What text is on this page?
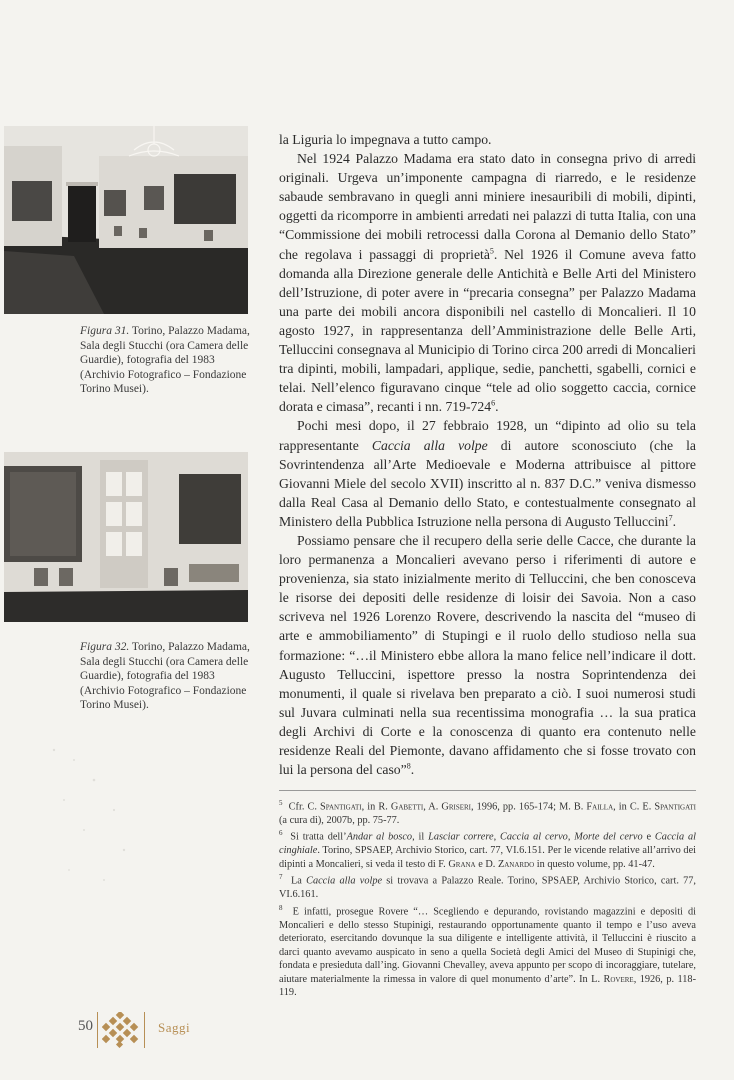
Figura 31. Torino, Palazzo Madama, Sala degli Stucchi (ora Camera delle Guardie), fotografia del 1983 (Archivio Fotografico – Fondazione Torino Musei).
Figura 32. Torino, Palazzo Madama, Sala degli Stucchi (ora Camera delle Guardie), fotografia del 1983 (Archivio Fotografico – Fondazione Torino Musei).

la Liguria lo impegnava a tutto campo.

Nel 1924 Palazzo Madama era stato dato in consegna privo di arredi originali. Urgeva un’imponente campagna di riarredo, e le residenze sabaude sembravano in quegli anni miniere inesauribili di mobili, dipinti, oggetti da ricomporre in ambienti arredati nei palazzi di tutta Italia, con una “Commissione dei mobili retrocessi dalla Corona al Demanio dello Stato” che regolava i passaggi di proprietà$^5$. Nel 1926 il Comune aveva fatto domanda alla Direzione generale delle Antichità e Belle Arti del Ministero dell’Istruzione, di poter avere in “precaria consegna” per Palazzo Madama una parte dei mobili ancora disponibili nel castello di Moncalieri. Il 10 agosto 1927, in rappresentanza dell’Amministrazione delle Belle Arti, Telluccini consegnava al Municipio di Torino circa 200 arredi di Moncalieri tra dipinti, mobili, lampadari, applique, sedie, panchetti, sgabelli, cornici e telai. Nell’elenco figuravano cinque “tele ad olio soggetto caccia, cornice dorata e cimasa”, recanti i nn. $719-724^6$.

Pochi mesi dopo, il 27 febbraio 1928, un “dipinto ad olio su tela rappresentante Caccia alla volpe di autore sconosciuto (che la Sovrintendenza all’Arte Medioevale e Moderna attribuisce al pittore Giovanni Miele del secolo XVII) inscritto al n. 837 D.C.” veniva dismesso dalla Real Casa al Demanio dello Stato, e contestualmente consegnato al Ministero della Pubblica Istruzione nella persona di Augusto Telluccini$^7$.

Possiamo pensare che il recupero della serie delle Cacce, che durante la loro permanenza a Moncalieri avevano perso i riferimenti di autore e provenienza, sia stato inizialmente merito di Telluccini, che ben conosceva le risorse dei depositi delle residenze di loisir dei Savoia. Non a caso scriveva nel 1926 Lorenzo Rovere, descrivendo la nascita del “museo di arte e ammobiliamento” di Stupingi e il ruolo dello studioso nella sua formazione: “…il Ministero ebbe allora la mano felice nell’indicare il dott. Augusto Telluccini, ispettore presso la nostra Soprintendenza dei monumenti, il quale si rivelava ben preparato a ciò. I suoi numerosi studi sul Juvara culminati nella sua recentissima monografia … la sua pratica degli Archivi di Corte e la conoscenza di quanto era contenuto nelle residenze Reali del Piemonte, davano affidamento che si fosse trovato con lui la persona del caso”$^8$.

$^5$ Cfr. C. Spantigati, in R. Gabetti, A. Griseri, 1996, pp. 165-174; M. B. Failla, in C. E. Spantigati (a cura di), 2007b, pp. 75-77.

$^6$ Si tratta dell’Andar al bosco, il Lasciar correre, Caccia al cervo, Morte del cervo e Caccia al cinghiale. Torino, SPSAEP, Archivio Storico, cart. 77, VI.6.151. Per le vicende relative all’arrivo dei dipinti a Moncalieri, si veda il testo di F. Grana e D. Zanardo in questo volume, pp. 41-47.

$^7$ La Caccia alla volpe si trovava a Palazzo Reale. Torino, SPSAEP, Archivio Storico, cart. 77, VI.6.161.

$^8$ E infatti, prosegue Rovere “… Scegliendo e depurando, rovistando magazzini e depositi di Moncalieri e dello stesso Stupinigi, restaurando opportunamente quanto il tempo e l’uso aveva deteriorato, esercitando dovunque la sua diligente e intelligente attività, il Telluccini è riuscito a darci quanto avevamo auspicato in seno a quella Società degli Amici del Museo di Stupinigi che, fondata e presieduta dall’ing. Giovanni Chevalley, aveva appunto per scopo di incoraggiare, tutelare, aiutare materialmente la rimessa in valore di quel monumento d’arte”. In L. Rovere, 1926, p. 118-119.

50	Saggi
